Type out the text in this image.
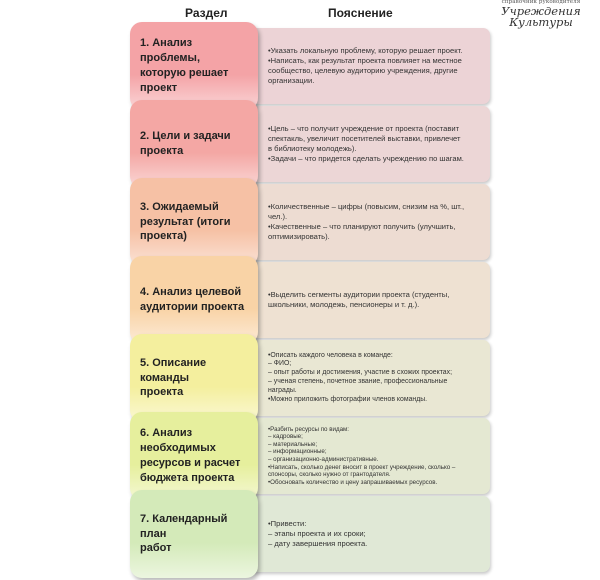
Раздел	Пояснение
справочник руководителя
Учреждения
Культуры
1. Анализ проблемы,
которую решает проект
•Указать локальную проблему, которую решает проект.
•Написать, как результат проекта повлияет на местное
сообщество, целевую аудиторию учреждения, другие
организации.
2. Цели и задачи
проекта
•Цель – что получит учреждение от проекта (поставит
спектакль, увеличит посетителей выставки, привлечет
в библиотеку молодежь).
•Задачи – что придется сделать учреждению по шагам.
3. Ожидаемый
результат (итоги
проекта)
•Количественные – цифры (повысим, снизим на %, шт.,
чел.).
•Качественные – что планируют получить (улучшить,
оптимизировать).
4. Анализ целевой
аудитории проекта
•Выделить сегменты аудитории проекта (студенты,
школьники, молодежь, пенсионеры и т. д.).
5. Описание команды
проекта
•Описать каждого человека в команде:
– ФИО;
– опыт работы и достижения, участие в схожих проектах;
– ученая степень, почетное звание, профессиональные
награды.
•Можно приложить фотографии членов команды.
6. Анализ необходимых
ресурсов и расчет
бюджета проекта
•Разбить ресурсы по видам:
– кадровые;
– материальные;
– информационные;
– организационно-административные.
•Написать, сколько денег вносит в проект учреждение, сколько –
спонсоры, сколько нужно от грантодателя.
•Обосновать количество и цену запрашиваемых ресурсов.
7. Календарный план
работ
•Привести:
– этапы проекта и их сроки;
– дату завершения проекта.
